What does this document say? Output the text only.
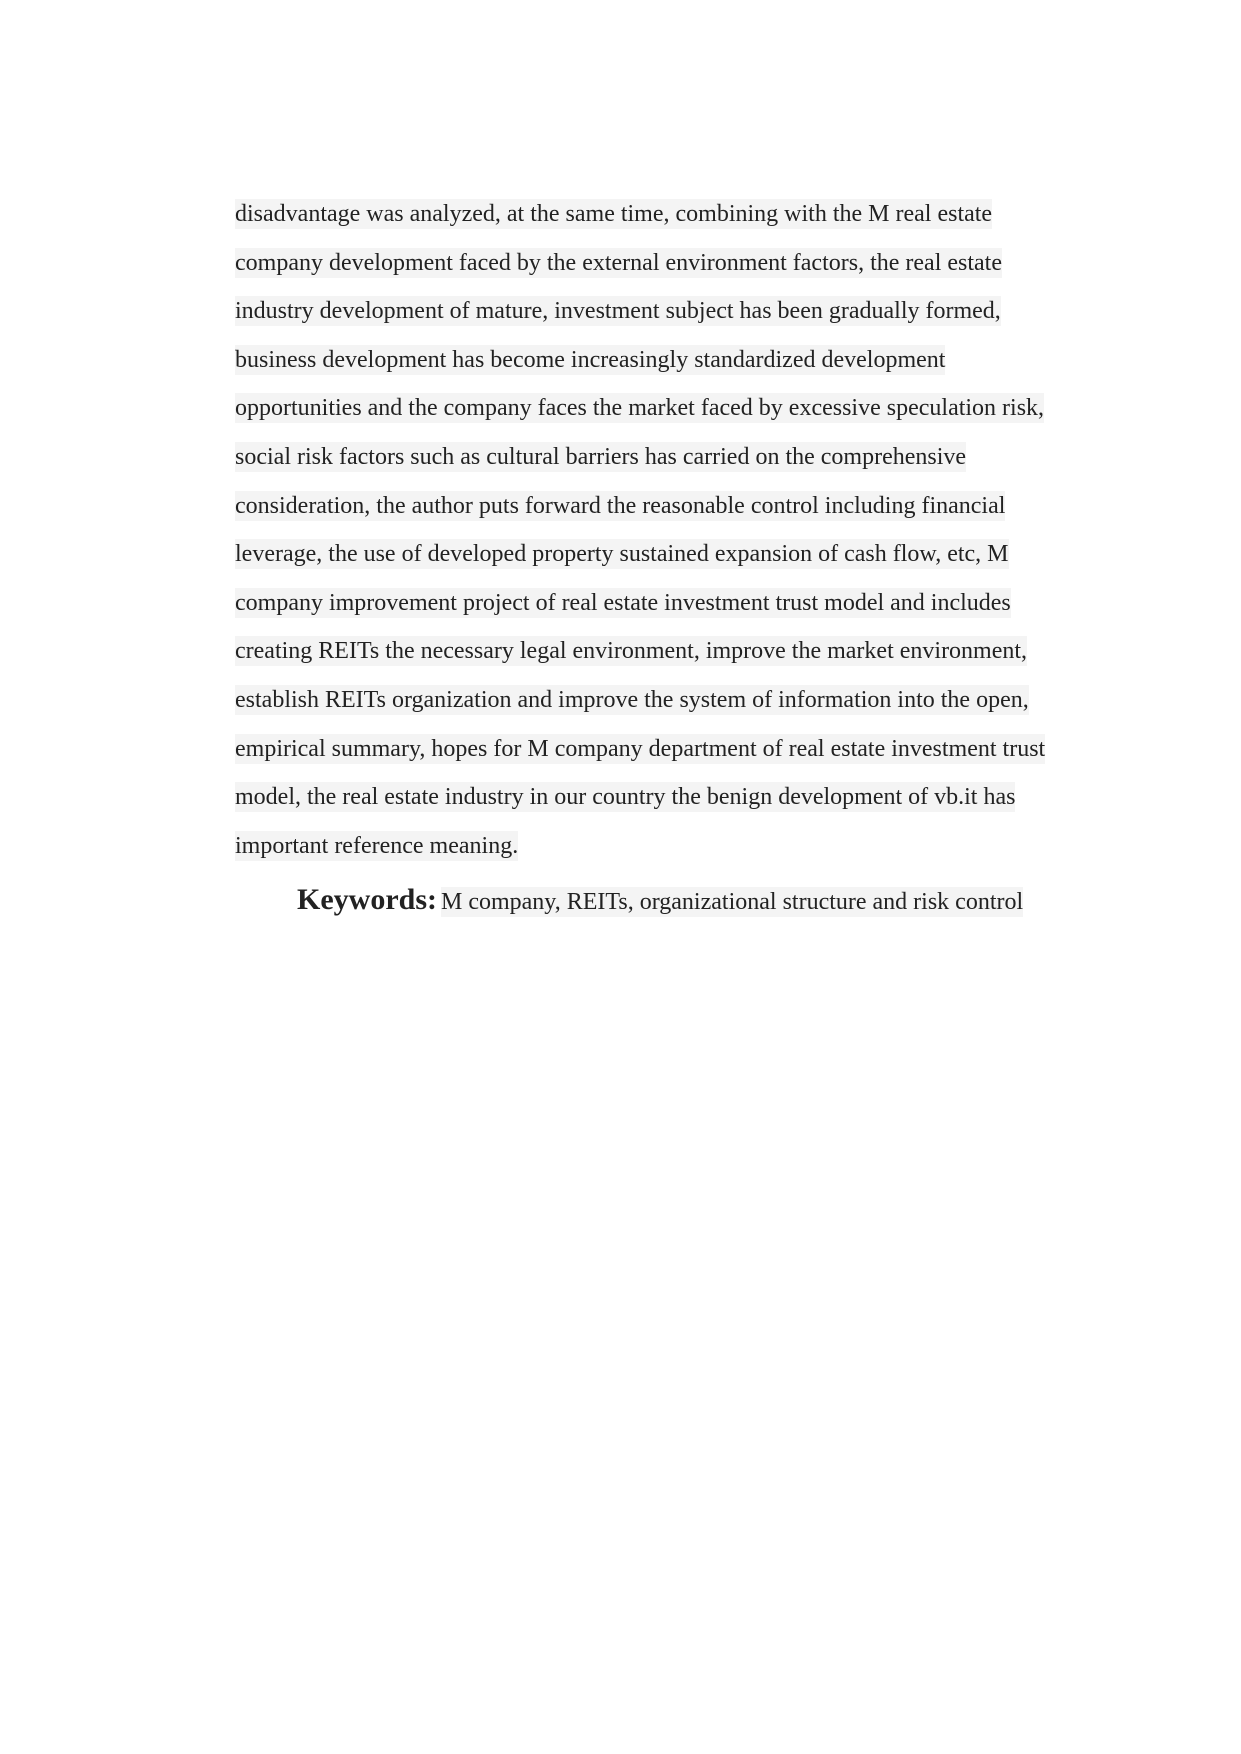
disadvantage was analyzed, at the same time, combining with the M real estate
company development faced by the external environment factors, the real estate
industry development of mature, investment subject has been gradually formed,
business development has become increasingly standardized development
opportunities and the company faces the market faced by excessive speculation risk,
social risk factors such as cultural barriers has carried on the comprehensive
consideration, the author puts forward the reasonable control including financial
leverage, the use of developed property sustained expansion of cash flow, etc, M
company improvement project of real estate investment trust model and includes
creating REITs the necessary legal environment, improve the market environment,
establish REITs organization and improve the system of information into the open,
empirical summary, hopes for M company department of real estate investment trust
model, the real estate industry in our country the benign development of vb.it has
important reference meaning.
Keywords: M company, REITs, organizational structure and risk control
